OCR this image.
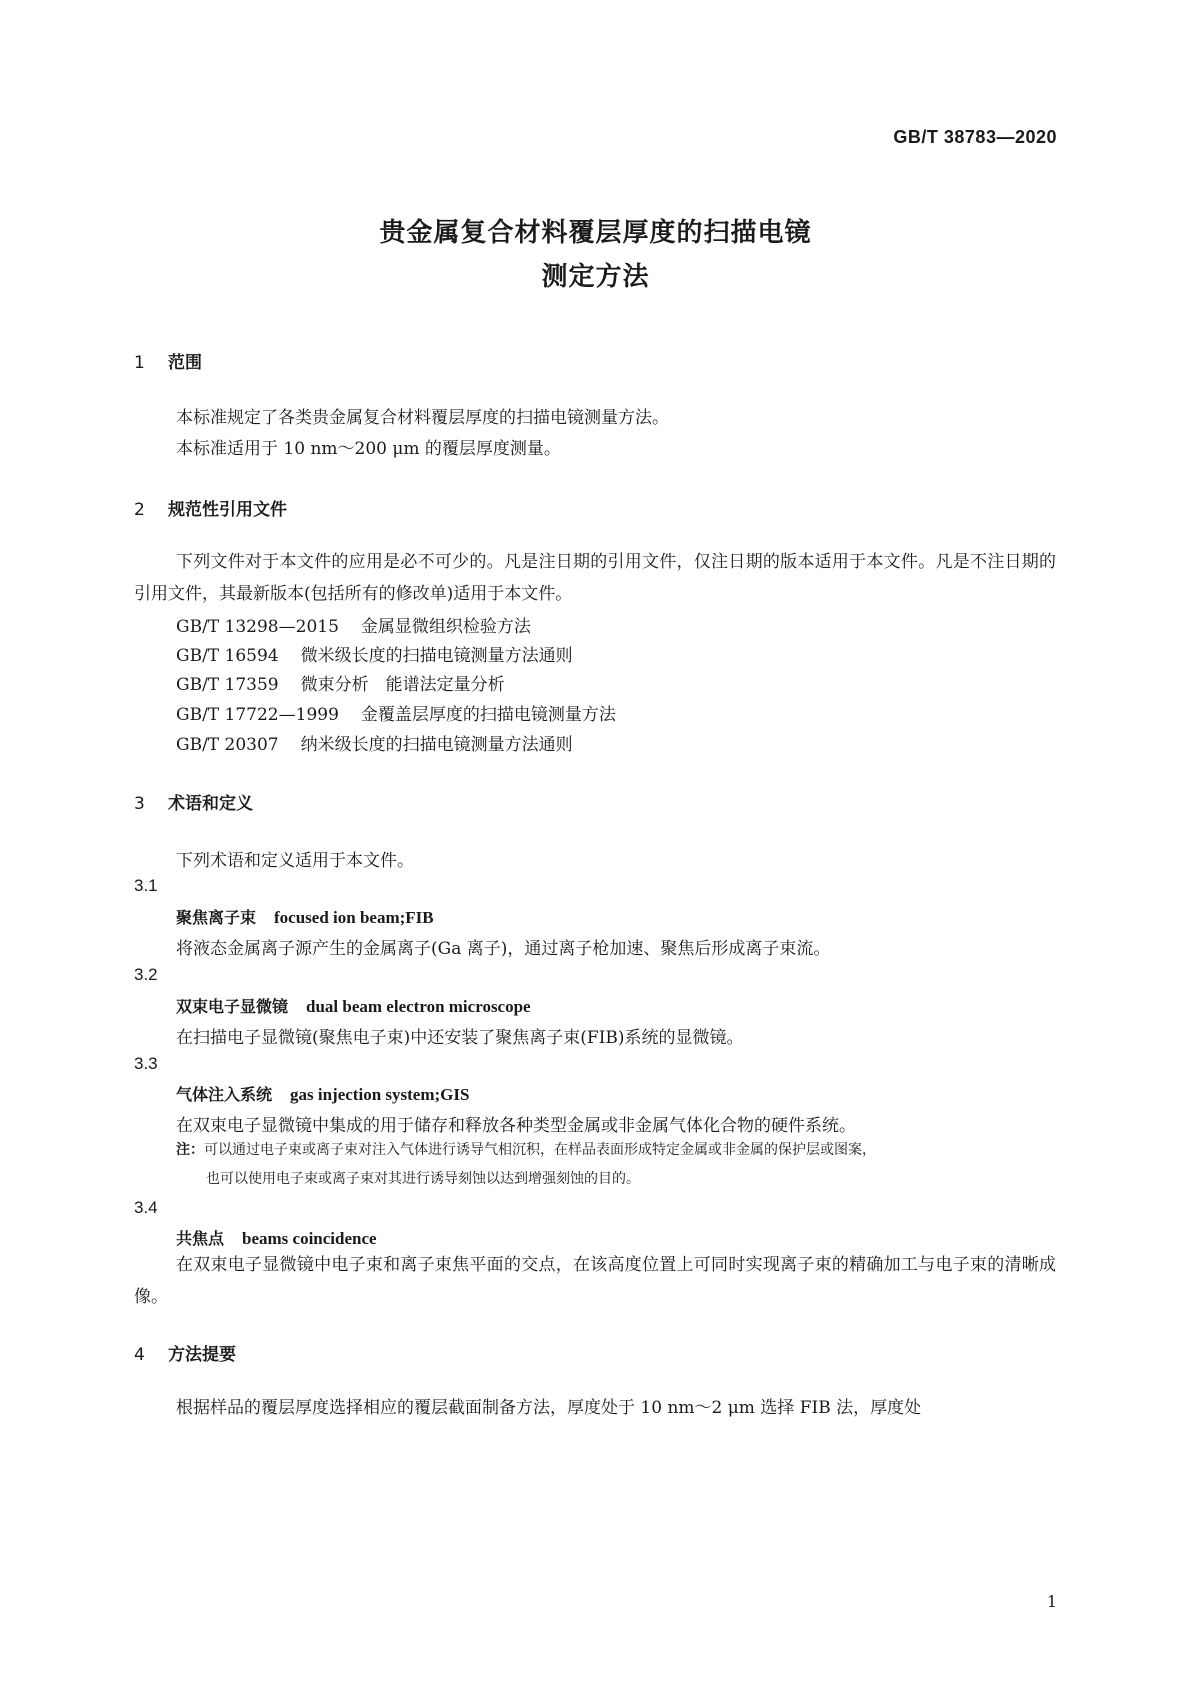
GB/T 38783—2020
贵金属复合材料覆层厚度的扫描电镜
测定方法
1 范围

本标准规定了各类贵金属复合材料覆层厚度的扫描电镜测量方法。

本标准适用于 10 nm～200 μm 的覆层厚度测量。

2 规范性引用文件

下列文件对于本文件的应用是必不可少的。凡是注日期的引用文件，仅注日期的版本适用于本文件。凡是不注日期的引用文件，其最新版本(包括所有的修改单)适用于本文件。

GB/T 13298—2015 金属显微组织检验方法
GB/T 16594 微米级长度的扫描电镜测量方法通则
GB/T 17359 微束分析　能谱法定量分析
GB/T 17722—1999 金覆盖层厚度的扫描电镜测量方法
GB/T 20307 纳米级长度的扫描电镜测量方法通则
3 术语和定义
下列术语和定义适用于本文件。
3.1
聚焦离子束 focused ion beam;FIB
将液态金属离子源产生的金属离子(Ga 离子)，通过离子枪加速、聚焦后形成离子束流。
3.2
双束电子显微镜 dual beam electron microscope
在扫描电子显微镜(聚焦电子束)中还安装了聚焦离子束(FIB)系统的显微镜。
3.3
气体注入系统 gas injection system;GIS
在双束电子显微镜中集成的用于储存和释放各种类型金属或非金属气体化合物的硬件系统。
注：可以通过电子束或离子束对注入气体进行诱导气相沉积，在样品表面形成特定金属或非金属的保护层或图案，
也可以使用电子束或离子束对其进行诱导刻蚀以达到增强刻蚀的目的。
3.4
共焦点 beams coincidence

在双束电子显微镜中电子束和离子束焦平面的交点，在该高度位置上可同时实现离子束的精确加工与电子束的清晰成像。

4 方法提要

根据样品的覆层厚度选择相应的覆层截面制备方法，厚度处于 10 nm～2 μm 选择 FIB 法，厚度处

1
